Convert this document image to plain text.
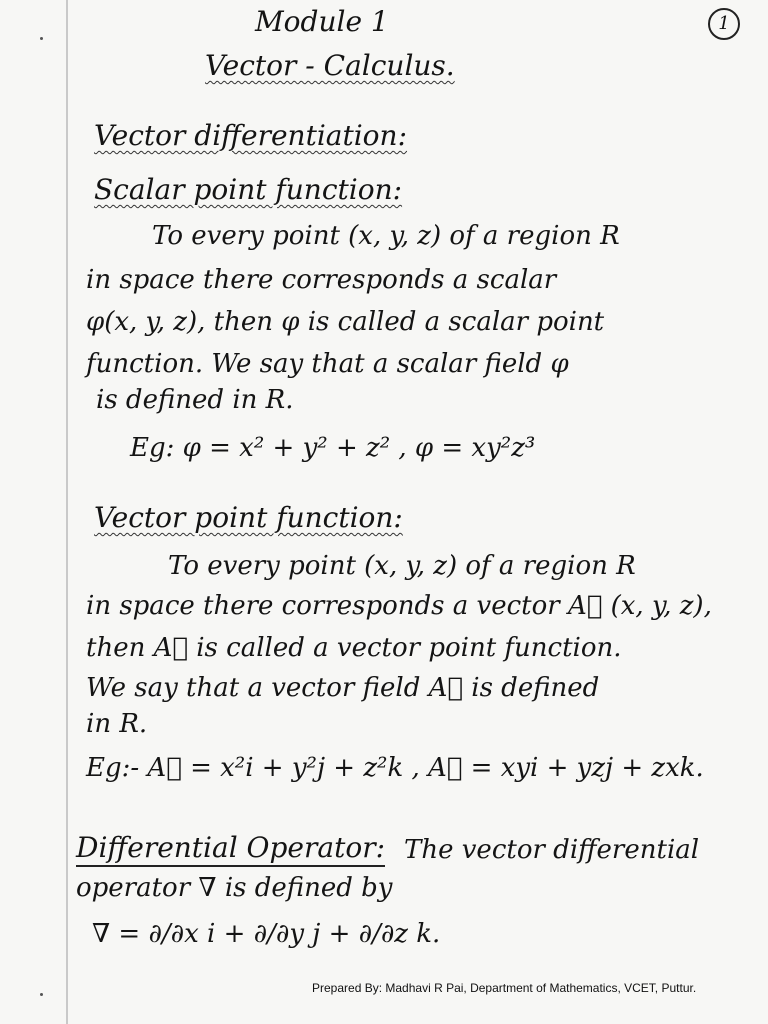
Module 1	1
Vector - Calculus.
Vector differentiation:
Scalar point function:
To every point (x, y, z) of a region R
in space there corresponds a scalar
φ(x, y, z), then φ is called a scalar point
function. We say that a scalar field φ
is defined in R.
Eg: φ = x² + y² + z² , φ = xy²z³
Vector point function:
To every point (x, y, z) of a region R
in space there corresponds a vector A⃗ (x, y, z),
then A⃗ is called a vector point function.
We say that a vector field A⃗ is defined
in R.
Eg:- A⃗ = x²i + y²j + z²k , A⃗ = xyi + yzj + zxk.
Differential Operator: The vector differential
operator ∇ is defined by
∇ = ∂/∂x i + ∂/∂y j + ∂/∂z k.
Prepared By: Madhavi R Pai, Department of Mathematics, VCET, Puttur.
